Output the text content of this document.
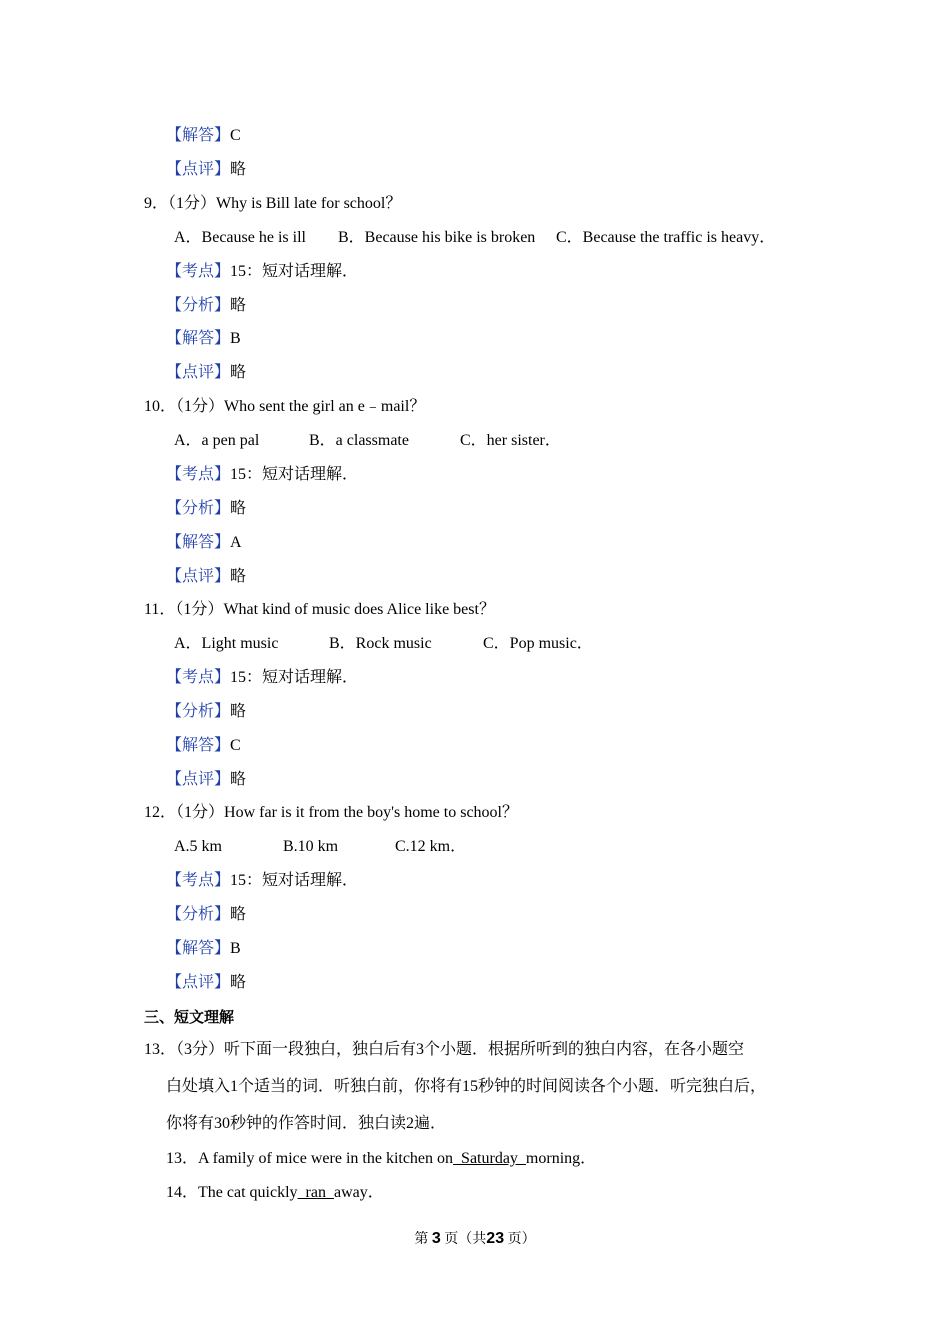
【解答】C
【点评】略
9．（1分）Why is Bill late for school？
A．Because he is ill B．Because his bike is broken C．Because the traffic is heavy．
【考点】15：短对话理解．
【分析】略
【解答】B
【点评】略
10．（1分）Who sent the girl an e﹣mail？
A．a pen pal	B．a classmate	C．her sister．
【考点】15：短对话理解．
【分析】略
【解答】A
【点评】略
11．（1分）What kind of music does Alice like best？
A．Light music	B．Rock music	C．Pop music．
【考点】15：短对话理解．
【分析】略
【解答】C
【点评】略
12．（1分）How far is it from the boy's home to school？
A.5 km	B.10 km	C.12 km．
【考点】15：短对话理解．
【分析】略
【解答】B
【点评】略
三、短文理解
13．（3分）听下面一段独白，独白后有3个小题．根据所听到的独白内容，在各小题空
白处填入1个适当的词．听独白前，你将有15秒钟的时间阅读各个小题．听完独白后，
你将有30秒钟的作答时间．独白读2遍．
13．A family of mice were in the kitchen on  Saturday  morning．
14．The cat quickly  ran  away．
第 3 页（共23 页）
